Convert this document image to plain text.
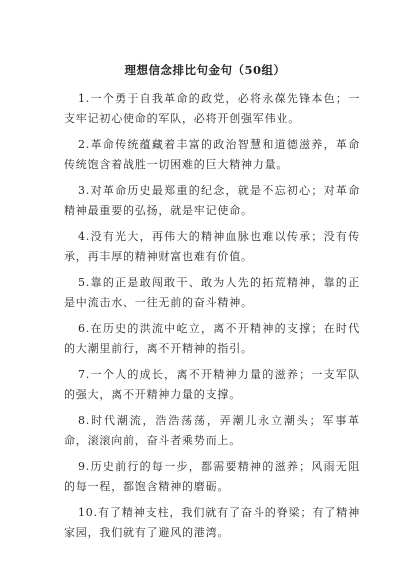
理想信念排比句金句（50组）

1.一个勇于自我革命的政党，必将永葆先锋本色；一支牢记初心使命的军队，必将开创强军伟业。

2.革命传统蕴藏着丰富的政治智慧和道德滋养，革命传统饱含着战胜一切困难的巨大精神力量。

3.对革命历史最郑重的纪念，就是不忘初心；对革命精神最重要的弘扬，就是牢记使命。

4.没有光大，再伟大的精神血脉也难以传承；没有传承，再丰厚的精神财富也难有价值。

5.靠的正是敢闯敢干、敢为人先的拓荒精神，靠的正是中流击水、一往无前的奋斗精神。

6.在历史的洪流中屹立，离不开精神的支撑；在时代的大潮里前行，离不开精神的指引。

7.一个人的成长，离不开精神力量的滋养；一支军队的强大，离不开精神力量的支撑。

8.时代潮流，浩浩荡荡，弄潮儿永立潮头；军事革命，滚滚向前，奋斗者乘势而上。

9.历史前行的每一步，都需要精神的滋养；风雨无阻的每一程，都饱含精神的磨砺。

10.有了精神支柱，我们就有了奋斗的脊梁；有了精神家园，我们就有了避风的港湾。
